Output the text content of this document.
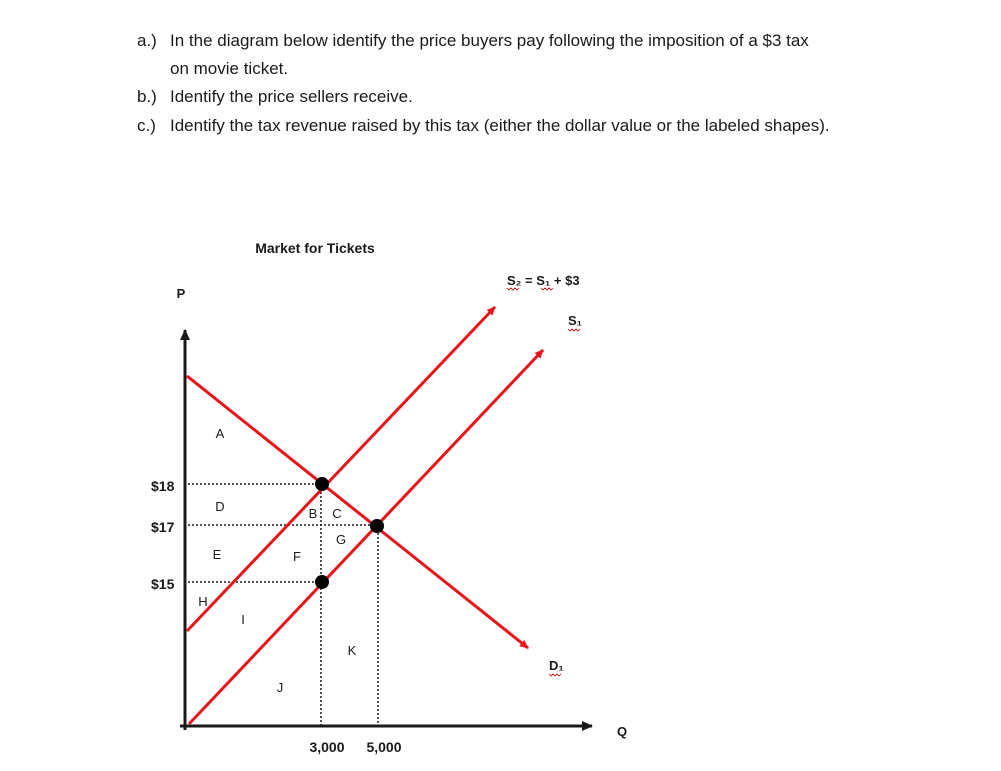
a.) In the diagram below identify the price buyers pay following the imposition of a $3 tax
on movie ticket.
b.) Identify the price sellers receive.
c.) Identify the tax revenue raised by this tax (either the dollar value or the labeled shapes).
Market for Tickets
P
Q
$18
$17
$15
3,000 5,000
S₂ = S₁ + $3
S₁
D₁
A
B C
D
E	F
G
H
I
J
K
